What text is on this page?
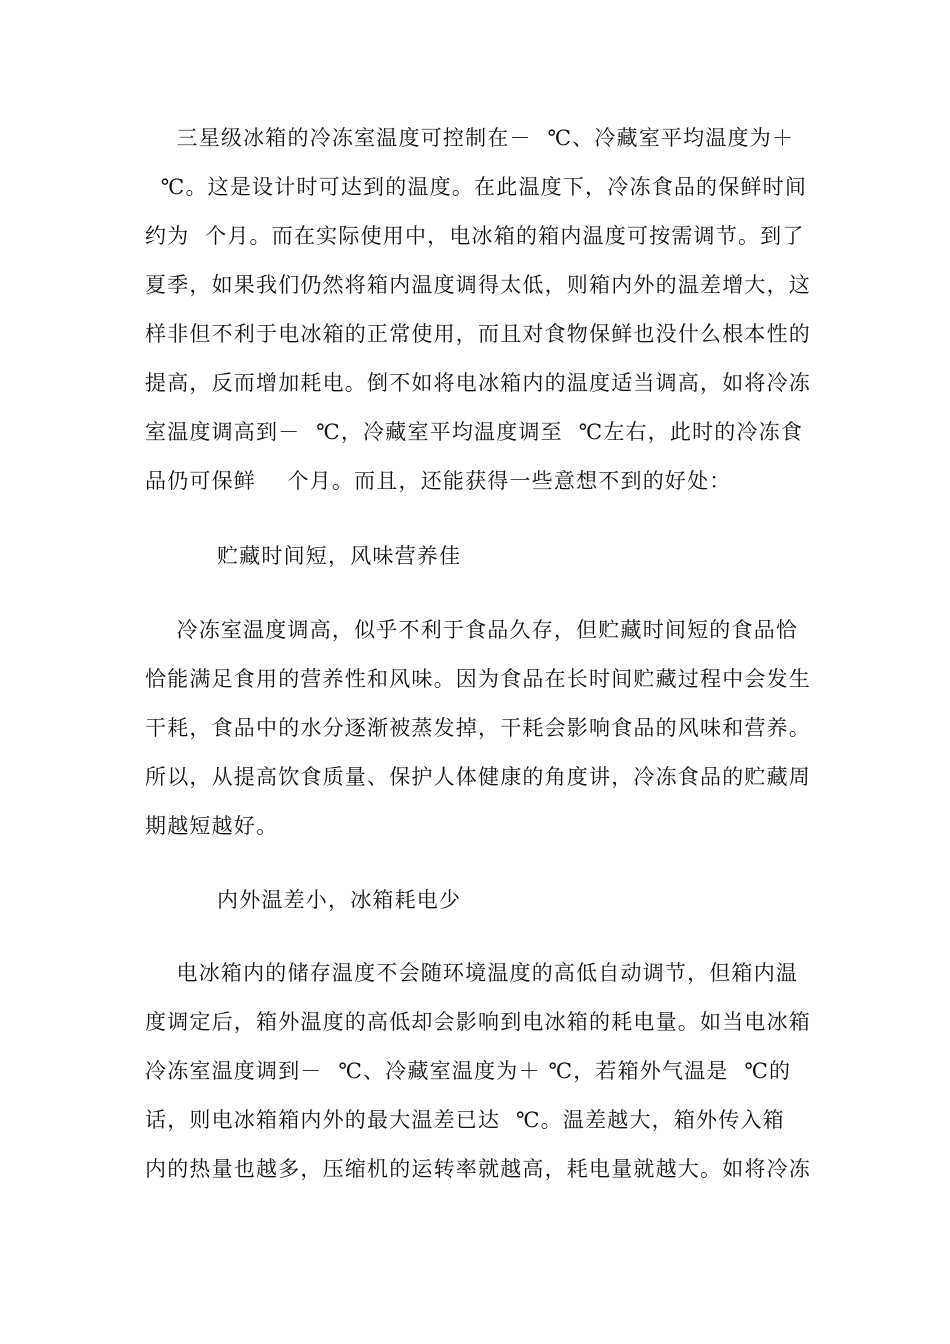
三星级冰箱的冷冻室温度可控制在－  ℃、冷藏室平均温度为＋
℃。这是设计时可达到的温度。在此温度下，冷冻食品的保鲜时间
约为  个月。而在实际使用中，电冰箱的箱内温度可按需调节。到了
夏季，如果我们仍然将箱内温度调得太低，则箱内外的温差增大，这
样非但不利于电冰箱的正常使用，而且对食物保鲜也没什么根本性的
提高，反而增加耗电。倒不如将电冰箱内的温度适当调高，如将冷冻
室温度调高到－  ℃，冷藏室平均温度调至  ℃左右，此时的冷冻食
品仍可保鲜    个月。而且，还能获得一些意想不到的好处：
贮藏时间短，风味营养佳
冷冻室温度调高，似乎不利于食品久存，但贮藏时间短的食品恰
恰能满足食用的营养性和风味。因为食品在长时间贮藏过程中会发生
干耗，食品中的水分逐渐被蒸发掉，干耗会影响食品的风味和营养。
所以，从提高饮食质量、保护人体健康的角度讲，冷冻食品的贮藏周
期越短越好。
内外温差小，冰箱耗电少
电冰箱内的储存温度不会随环境温度的高低自动调节，但箱内温
度调定后，箱外温度的高低却会影响到电冰箱的耗电量。如当电冰箱
冷冻室温度调到－  ℃、冷藏室温度为＋ ℃，若箱外气温是  ℃的
话，则电冰箱箱内外的最大温差已达  ℃。温差越大，箱外传入箱
内的热量也越多，压缩机的运转率就越高，耗电量就越大。如将冷冻
